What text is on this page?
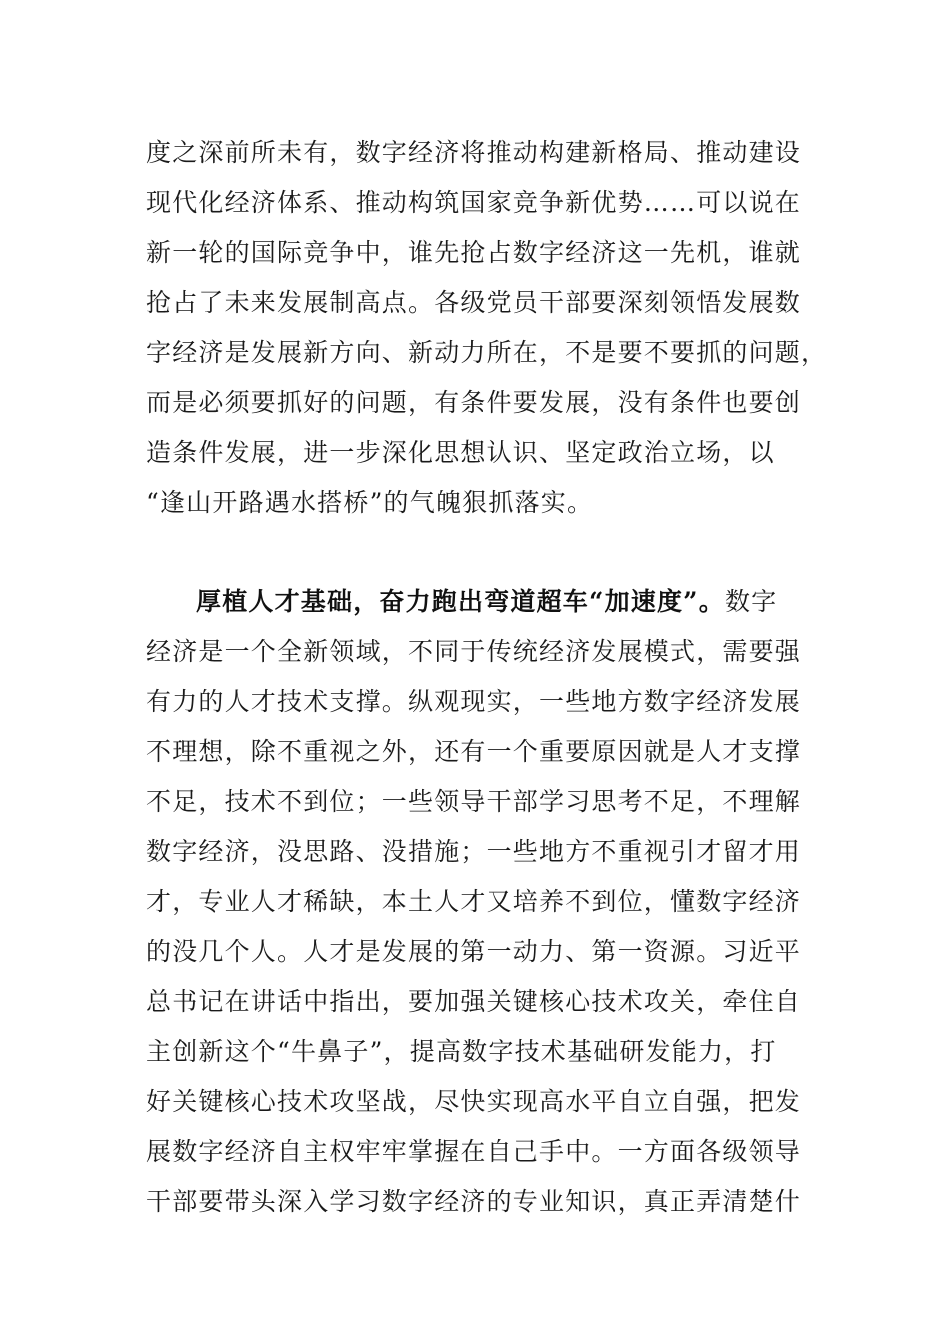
度之深前所未有，数字经济将推动构建新格局、推动建设
现代化经济体系、推动构筑国家竞争新优势……可以说在
新一轮的国际竞争中，谁先抢占数字经济这一先机，谁就
抢占了未来发展制高点。各级党员干部要深刻领悟发展数
字经济是发展新方向、新动力所在，不是要不要抓的问题，
而是必须要抓好的问题，有条件要发展，没有条件也要创
造条件发展，进一步深化思想认识、坚定政治立场，以
“逢山开路遇水搭桥”的气魄狠抓落实。
厚植人才基础，奋力跑出弯道超车“加速度”。数字
经济是一个全新领域，不同于传统经济发展模式，需要强
有力的人才技术支撑。纵观现实，一些地方数字经济发展
不理想，除不重视之外，还有一个重要原因就是人才支撑
不足，技术不到位；一些领导干部学习思考不足，不理解
数字经济，没思路、没措施；一些地方不重视引才留才用
才，专业人才稀缺，本土人才又培养不到位，懂数字经济
的没几个人。人才是发展的第一动力、第一资源。习近平
总书记在讲话中指出，要加强关键核心技术攻关，牵住自
主创新这个“牛鼻子”，提高数字技术基础研发能力，打
好关键核心技术攻坚战，尽快实现高水平自立自强，把发
展数字经济自主权牢牢掌握在自己手中。一方面各级领导
干部要带头深入学习数字经济的专业知识，真正弄清楚什
